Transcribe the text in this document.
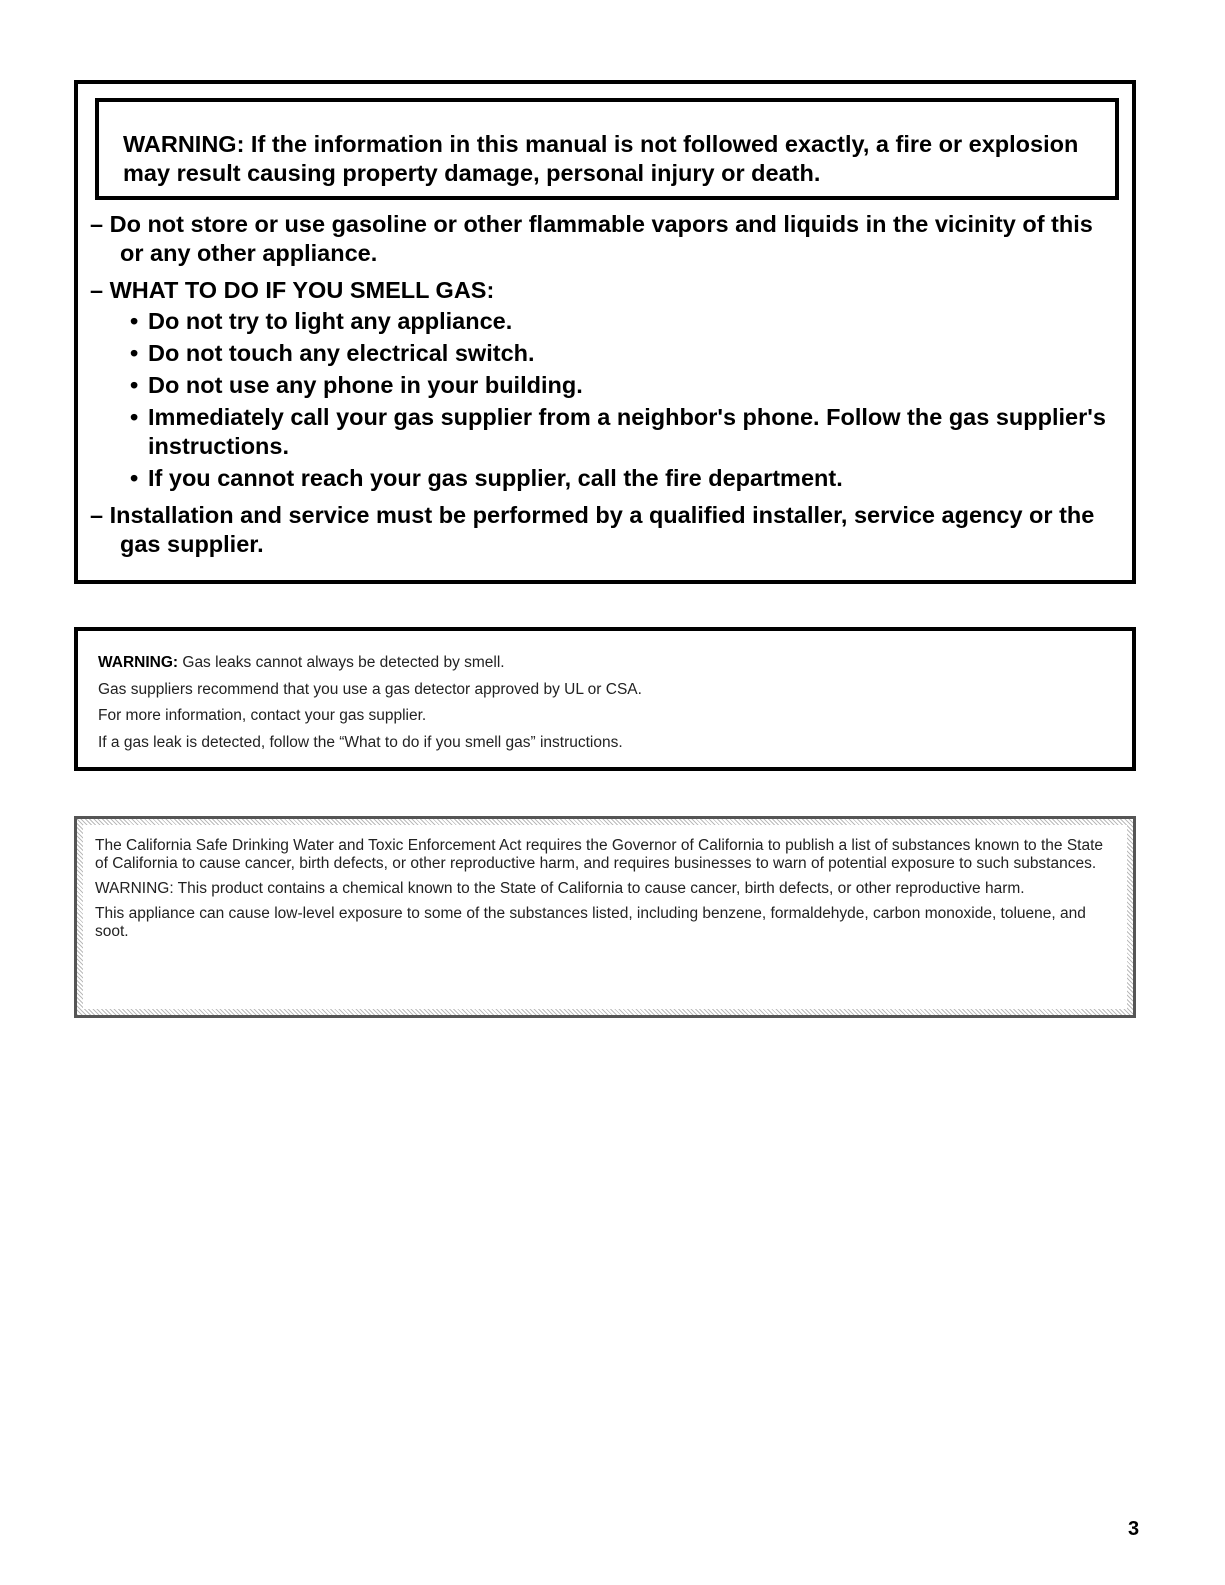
WARNING: If the information in this manual is not followed exactly, a fire or explosion

may result causing property damage, personal injury or death.

– Do not store or use gasoline or other flammable vapors and liquids in the vicinity of this or any other appliance.

– WHAT TO DO IF YOU SMELL GAS:

• Do not try to light any appliance.
• Do not touch any electrical switch.
• Do not use any phone in your building.
• Immediately call your gas supplier from a neighbor's phone. Follow the gas supplier's instructions.
• If you cannot reach your gas supplier, call the fire department.

– Installation and service must be performed by a qualified installer, service agency or the gas supplier.

WARNING: Gas leaks cannot always be detected by smell.

Gas suppliers recommend that you use a gas detector approved by UL or CSA.

For more information, contact your gas supplier.

If a gas leak is detected, follow the “What to do if you smell gas” instructions.

The California Safe Drinking Water and Toxic Enforcement Act requires the Governor of California to publish a list of substances known to the State of California to cause cancer, birth defects, or other reproductive harm, and requires businesses to warn of potential exposure to such substances.

WARNING: This product contains a chemical known to the State of California to cause cancer, birth defects, or other reproductive harm.

This appliance can cause low-level exposure to some of the substances listed, including benzene, formaldehyde, carbon monoxide, toluene, and soot.

3
